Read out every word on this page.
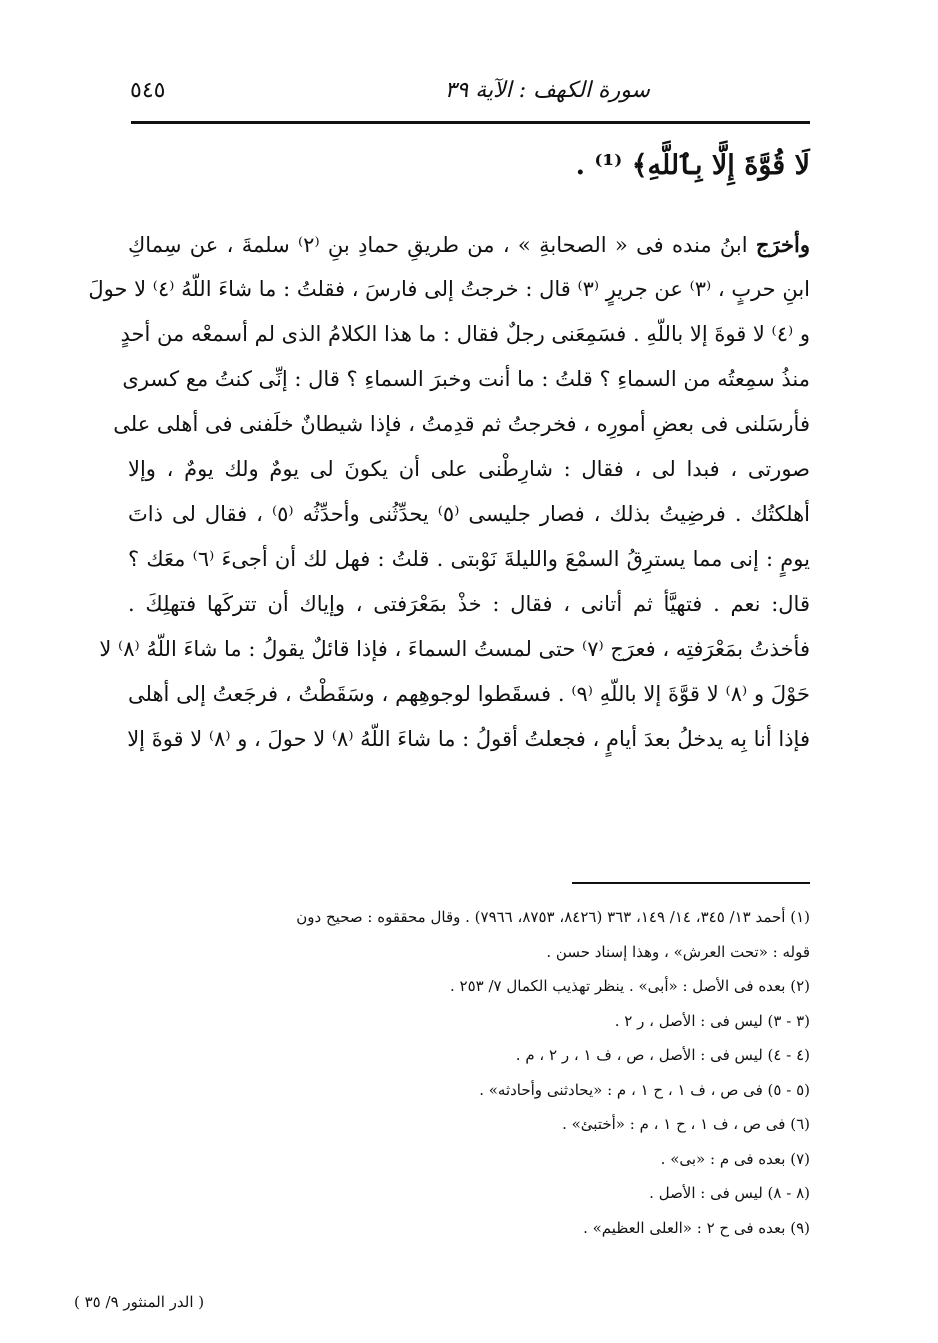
سورة الكهف : الآية ٣٩
٥٤٥
لَا قُوَّةَ إِلَّا بِٱللَّهِ﴾ ⁽¹⁾ .
وأخرَج ابنُ منده فى « الصحابةِ » ، من طريقِ حمادِ بنِ ⁽٢⁾ سلمةَ ، عن سِماكِ
ابنِ حربٍ ، ⁽٣⁾ عن جريرٍ ⁽٣⁾ قال : خرجتُ إلى فارسَ ، فقلتُ : ما شاءَ اللّهُ ⁽٤⁾ لا حولَ
و ⁽٤⁾ لا قوةَ إلا باللّهِ . فسَمِعَنى رجلٌ فقال : ما هذا الكلامُ الذى لم أسمعْه من أحدٍ
منذُ سمِعتُه من السماءِ ؟ قلتُ : ما أنت وخبرَ السماءِ ؟ قال : إنِّى كنتُ مع كسرى
فأرسَلنى فى بعضِ أمورِه ، فخرجتُ ثم قدِمتُ ، فإذا شيطانٌ خلَفنى فى أهلى على
صورتى ، فبدا لى ، فقال : شارِطْنى على أن يكونَ لى يومٌ ولك يومٌ ، وإلا
أهلكتُك . فرضِيتُ بذلك ، فصار جليسى ⁽٥⁾ يحدِّثُنى وأحدِّثُه ⁽٥⁾ ، فقال لى ذاتَ
يومٍ : إنى مما يسترِقُ السمْعَ والليلةَ نَوْبتى . قلتُ : فهل لك أن أجىءَ ⁽٦⁾ معَك ؟
قال: نعم . فتهيَّأ ثم أتانى ، فقال : خذْ بمَعْرَفتى ، وإياك أن تتركَها فتهلِكَ .
فأخذتُ بمَعْرَفتِه ، فعرَج ⁽٧⁾ حتى لمستُ السماءَ ، فإذا قائلٌ يقولُ : ما شاءَ اللّهُ ⁽٨⁾ لا
حَوْلَ و ⁽٨⁾ لا قوَّةَ إلا باللّهِ ⁽٩⁾ . فسقَطوا لوجوهِهم ، وسَقَطْتُ ، فرجَعتُ إلى أهلى
فإذا أنا بِه يدخلُ بعدَ أيامٍ ، فجعلتُ أقولُ : ما شاءَ اللّهُ ⁽٨⁾ لا حولَ ، و ⁽٨⁾ لا قوةَ إلا
(١) أحمد ١٣/ ٣٤٥، ١٤/ ١٤٩، ٣٦٣ (٨٤٢٦، ٨٧٥٣، ٧٩٦٦) . وقال محققوه : صحيح دون
قوله : «تحت العرش» ، وهذا إسناد حسن .
(٢) بعده فى الأصل : «أبى» . ينظر تهذيب الكمال ٧/ ٢٥٣ .
(٣ - ٣) ليس فى : الأصل ، ر ٢ .
(٤ - ٤) ليس فى : الأصل ، ص ، ف ١ ، ر ٢ ، م .
(٥ - ٥) فى ص ، ف ١ ، ح ١ ، م : «يحادثنى وأحادثه» .
(٦) فى ص ، ف ١ ، ح ١ ، م : «أختبئ» .
(٧) بعده فى م : «بى» .
(٨ - ٨) ليس فى : الأصل .
(٩) بعده فى ح ٢ : «العلى العظيم» .
( الدر المنثور ٩/ ٣٥ )
